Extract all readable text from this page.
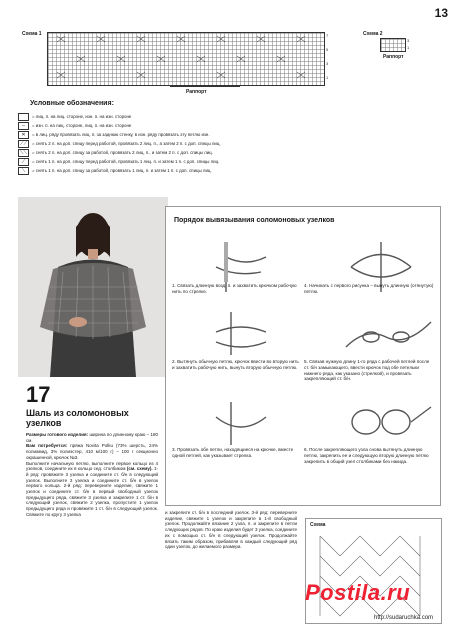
13
Схема 1	7
5
3
1
Раппорт
Схема 2
3
1
Раппорт
Условные обозначения:
= лиц. п. на лиц. стороне, изн. п. на изн. стороне
–	= изн. п. на лиц. стороне, лиц. п. на изн. стороне
✕	= в лиц. ряду провязать лиц. п. за заднюю стенку, в изн. ряду провязать эту петлю изн.
⟋⟋	= снять 2 п. на доп. спицу перед работой, провязать 2 лиц. п., а затем 2 п. с доп. спицы лиц.
⟍⟍	= снять 2 п. на доп. спицу за работой, провязать 2 лиц. п., и затем 2 п. с доп. спицы лиц.
⟋	= снять 1 п. на доп. спицу перед работой, провязать 1 лиц. п. и затем 1 п. с доп. спицы лиц.
⟍	= снять 1 п. на доп. спицу за работой, провязать 1 лиц. п. и затем 1 п. с доп. спицы лиц.
17
Шаль из соломоновых узелков
Размеры готового изделия: ширина по длинному краю – 180 см.
Вам потребуется: пряжа Novita Polku (73% шерсть, 24% полиамид, 3% полиэстер, 410 м/100 г) – 100 г секционно окрашенной, крючок №3.
Выполните начальную петлю, выполните первое кольцо из 4 узелков, соедините их в кольцо сед. столбиком (см. схему). 1-й ряд: провяжите 3 узелка и соедините ст. б/н в следующий узелок. Выполните 3 узелка и соедините ст. б/н в узелок первого кольца. 2-й ряд: переверните изделие, свяжите 1 узелок и соедините ст. б/н в первый свободный узелок предыдущего ряда, свяжите 3 узелка и закрепите 1 ст. б/н в следующий узелок, свяжите 2 узелка, пропустите 1 узелок предыдущего ряда и провяжите 1 ст. б/н в следующий узелок. Свяжите по кругу 3 узелка	и закрепите ст. б/н в последний узелок. 3-й ряд: переверните изделие, свяжите 1 узелок и закрепите в 1-й свободный узелок. Продолжайте вязание 2 узла, п. и закрепите в петли следующих рядов. По краю изделия будет 3 узелка, соедините их с помощью ст. б/н в следующий узелок. Продолжайте вязать таким образом, прибавляя в каждый следующий ряд один узелок, до желаемого размера.
Порядок вывязывания соломоновых узелков
1. Связать длинную возд. п. и захватить крючком рабочую нить по стрелке.
4. Начинать с первого рисунка – вынуть длинную (отянутую) петлю.
2. Вытянуть обычную петлю, крючок ввести во вторую нить и захватить рабочую нить, вынуть вторую обычную петлю.
5. Связав нужную длину 1-го ряда с рабочей петлей после ст. б/н замыкающего, ввести крючок под обе петельки нижнего ряда, как указано (стрелкой), и провязать закрепляющий ст. б/н.
3. Провязать обе петли, находящиеся на крючке, вместе одной петлей, как указывает стрелка.
6. После закрепляющего узла снова вытянуть длинную петлю, закрепить ее и следующую вторую длинную петлю закрепить в общий узел столбиками без накида.
Схема
Postila.ru
http://sudaruchka.com
